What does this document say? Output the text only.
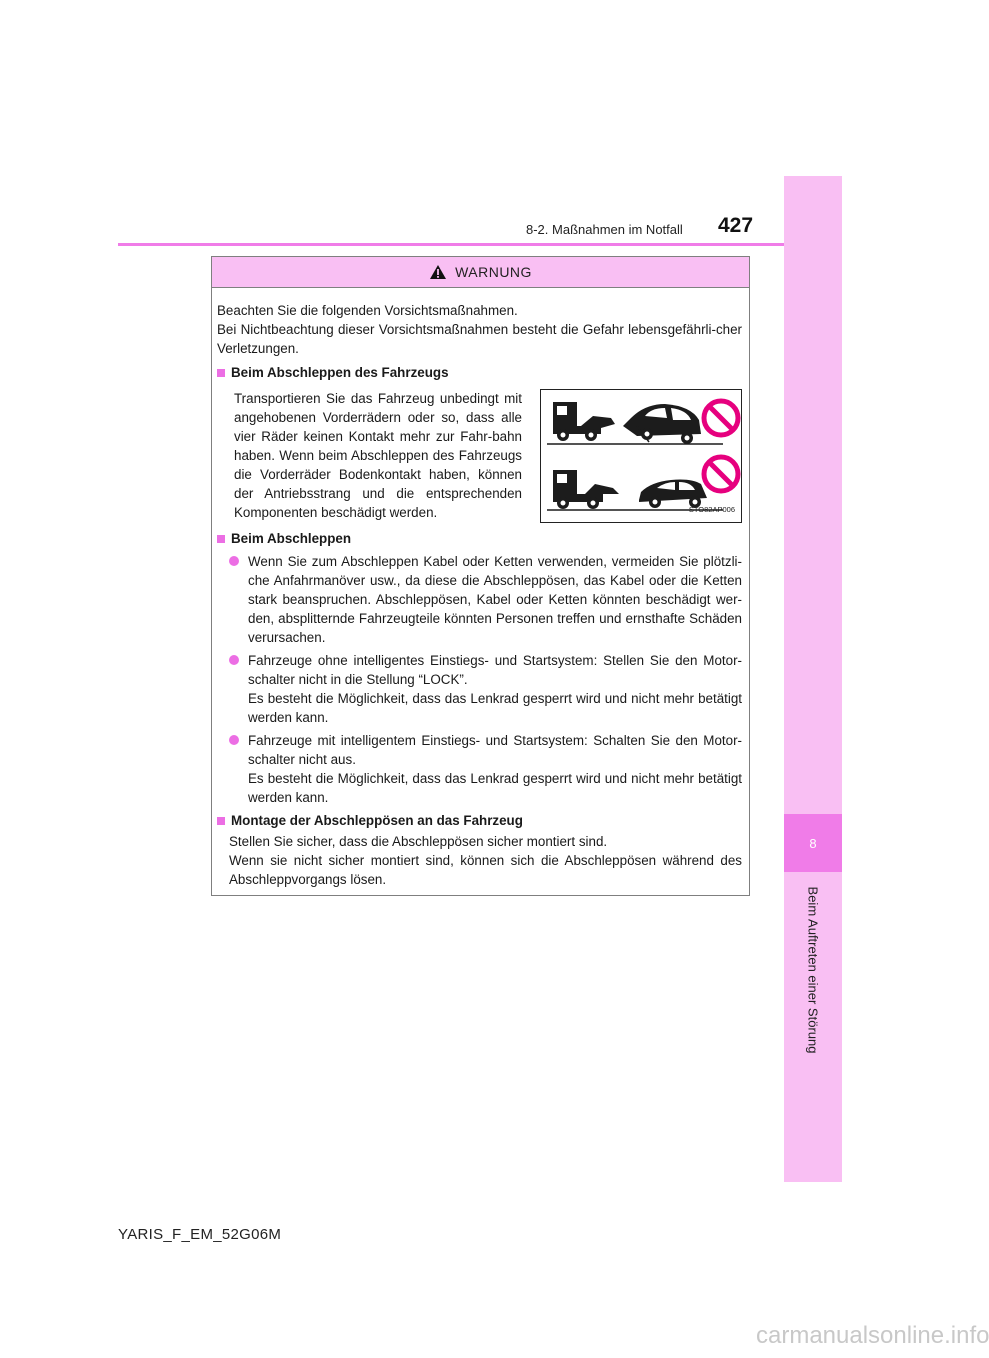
8
Beim Auftreten einer Störung
8-2. Maßnahmen im Notfall 427
WARNUNG

Beachten Sie die folgenden Vorsichtsmaßnahmen.

Bei Nichtbeachtung dieser Vorsichtsmaßnahmen besteht die Gefahr lebensgefährli-cher Verletzungen.

Beim Abschleppen des Fahrzeugs

Transportieren Sie das Fahrzeug unbedingt mit angehobenen Vorderrädern oder so, dass alle vier Räder keinen Kontakt mehr zur Fahr-bahn haben. Wenn beim Abschleppen des Fahrzeugs die Vorderräder Bodenkontakt haben, können der Antriebsstrang und die entsprechenden Komponenten beschädigt werden.	STO82AP006
Beim Abschleppen

Wenn Sie zum Abschleppen Kabel oder Ketten verwenden, vermeiden Sie plötzli-che Anfahrmanöver usw., da diese die Abschleppösen, das Kabel oder die Ketten stark beanspruchen. Abschleppösen, Kabel oder Ketten könnten beschädigt wer-den, absplitternde Fahrzeugteile könnten Personen treffen und ernsthafte Schäden verursachen.

Fahrzeuge ohne intelligentes Einstiegs- und Startsystem: Stellen Sie den Motor-schalter nicht in die Stellung “LOCK”.

Es besteht die Möglichkeit, dass das Lenkrad gesperrt wird und nicht mehr betätigt werden kann.

Fahrzeuge mit intelligentem Einstiegs- und Startsystem: Schalten Sie den Motor-schalter nicht aus.

Es besteht die Möglichkeit, dass das Lenkrad gesperrt wird und nicht mehr betätigt werden kann.

Montage der Abschleppösen an das Fahrzeug

Stellen Sie sicher, dass die Abschleppösen sicher montiert sind.

Wenn sie nicht sicher montiert sind, können sich die Abschleppösen während des Abschleppvorgangs lösen.

YARIS_F_EM_52G06M
carmanualsonline.info
